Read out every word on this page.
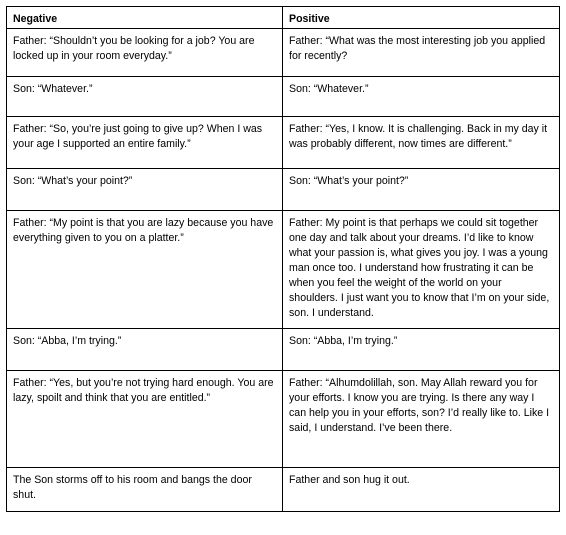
Negative	Positive
Father: “Shouldn’t you be looking for a job? You are locked up in your room everyday.”	Father: “What was the most interesting job you applied for recently?
Son: “Whatever.”	Son: “Whatever.”
Father: “So, you’re just going to give up? When I was your age I supported an entire family.”	Father: “Yes, I know. It is challenging. Back in my day it was probably different, now times are different.”
Son: “What’s your point?”	Son: “What’s your point?”
Father: “My point is that you are lazy because you have everything given to you on a platter.”	Father: My point is that perhaps we could sit together one day and talk about your dreams. I’d like to know what your passion is, what gives you joy. I was a young man once too. I understand how frustrating it can be when you feel the weight of the world on your shoulders. I just want you to know that I’m on your side, son. I understand.
Son: “Abba, I’m trying.”	Son: “Abba, I’m trying.”
Father: “Yes, but you’re not trying hard enough. You are lazy, spoilt and think that you are entitled.”	Father: “Alhumdolillah, son. May Allah reward you for your efforts. I know you are trying. Is there any way I can help you in your efforts, son? I’d really like to. Like I said, I understand. I’ve been there.
The Son storms off to his room and bangs the door shut.	Father and son hug it out.
